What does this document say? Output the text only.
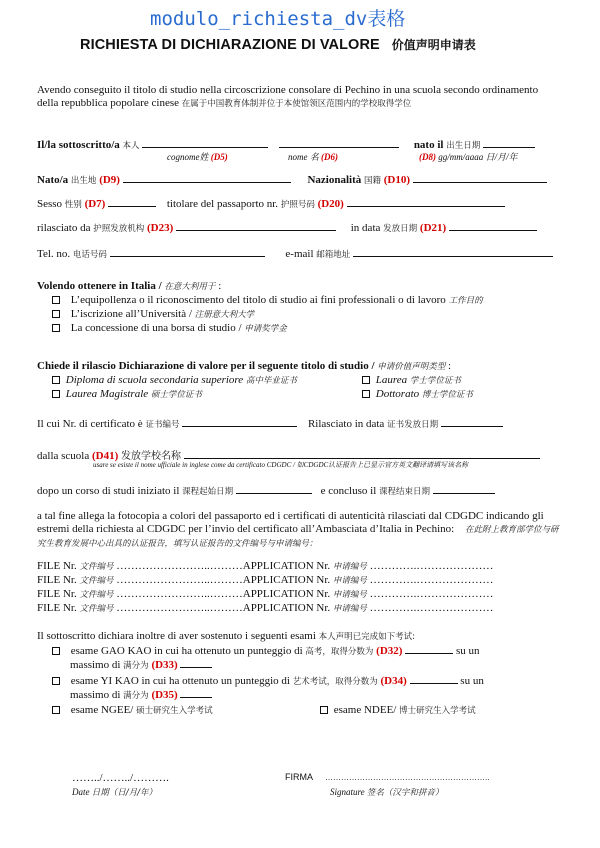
modulo_richiesta_dv表格
RICHIESTA DI DICHIARAZIONE DI VALORE 价值声明申请表
Avendo conseguito il titolo di studio nella circoscrizione consolare di Pechino in una scuola secondo ordinamento della repubblica popolare cinese 在属于中国教育体制并位于本使馆领区范围内的学校取得学位
Il/la sottoscritto/a 本人	nato il 出生日期
cognome姓 (D5)	nome 名 (D6)	(D8) gg/mm/aaaa 日/月/年
Nato/a 出生地 (D9)	Nazionalità 国籍 (D10)
Sesso 性别 (D7)	titolare del passaporto nr. 护照号码 (D20)
rilasciato da 护照发放机构 (D23)	in data 发放日期 (D21)
Tel. no. 电话号码	e-mail 邮箱地址
Volendo ottenere in Italia / 在意大利用于 :
L’equipollenza o il riconoscimento del titolo di studio ai fini professionali o di lavoro 工作目的
L’iscrizione all’Università / 注册意大利大学
La concessione di una borsa di studio / 申请奖学金
Chiede il rilascio Dichiarazione di valore per il seguente titolo di studio / 申请价值声明类型 :
Diploma di scuola secondaria superiore 高中毕业证书	Laurea 学士学位证书
Laurea Magistrale 硕士学位证书	Dottorato 博士学位证书
Il cui Nr. di certificato è 证书编号	Rilasciato in data 证书发放日期
dalla scuola (D41) 发放学校名称
usare se esiste il nome ufficiale in inglese come da certificato CDGDC / 如CDGDC认证报告上已显示官方英文翻译请填写该名称
dopo un corso di studi iniziato il 课程起始日期	e concluso il 课程结束日期
a tal fine allega la fotocopia a colori del passaporto ed i certificati di autenticità rilasciati dal CDGDC indicando gli estremi della richiesta al CDGDC per l’invio del certificato all’Ambasciata d’Italia in Pechino: 在此附上教育部学位与研究生教育发展中心出具的认证报告，填写认证报告的文件编号与申请编号：
FILE Nr. 文件编号 ……………………..………APPLICATION Nr. 申请编号 ………….…………………
FILE Nr. 文件编号 ……………………..………APPLICATION Nr. 申请编号 ………….…………………
FILE Nr. 文件编号 ……………………..………APPLICATION Nr. 申请编号 ………….…………………
FILE Nr. 文件编号 ……………………..………APPLICATION Nr. 申请编号 ………….…………………
Il sottoscritto dichiara inoltre di aver sostenuto i seguenti esami 本人声明已完成如下考试:
esame GAO KAO in cui ha ottenuto un punteggio di 高考，取得分数为 (D32)	su un
massimo di 满分为 (D33)
esame YI KAO in cui ha ottenuto un punteggio di 艺术考试，取得分数为 (D34)	su un
massimo di 满分为 (D35)
esame NGEE/ 硕士研究生入学考试	esame NDEE/ 博士研究生入学考试
……../……../……….
Date 日期（日/月/年）
FIRMA ……………………………………………………..
Signature 签名（汉字和拼音）
